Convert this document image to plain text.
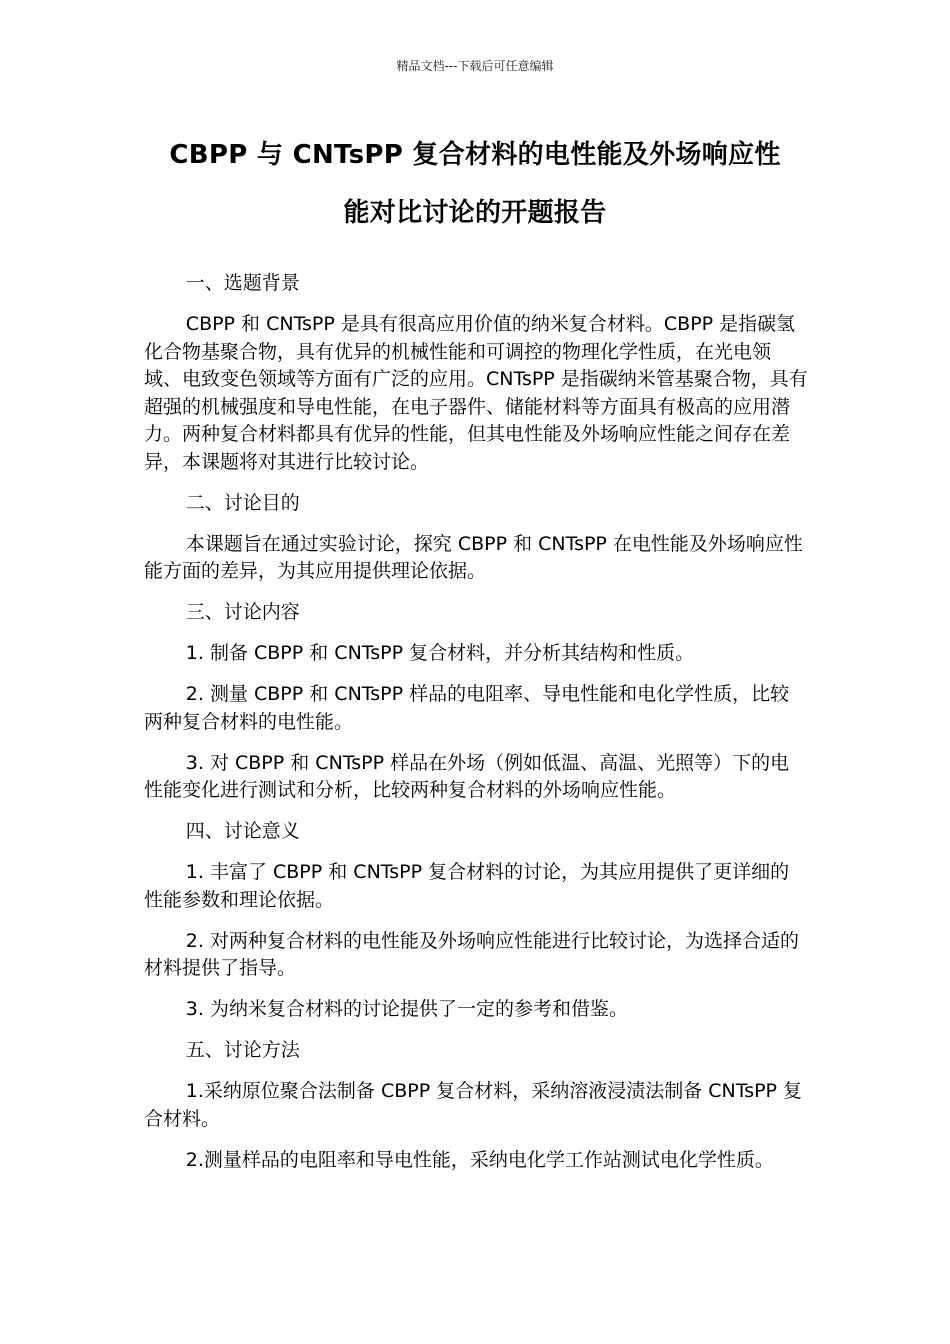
精品文档---下载后可任意编辑
CBPP 与 CNTsPP 复合材料的电性能及外场响应性
能对比讨论的开题报告

一、选题背景

CBPP 和 CNTsPP 是具有很高应用价值的纳米复合材料。CBPP 是指碳氢化合物基聚合物，具有优异的机械性能和可调控的物理化学性质，在光电领域、电致变色领域等方面有广泛的应用。CNTsPP 是指碳纳米管基聚合物，具有超强的机械强度和导电性能，在电子器件、储能材料等方面具有极高的应用潜力。两种复合材料都具有优异的性能，但其电性能及外场响应性能之间存在差异，本课题将对其进行比较讨论。

二、讨论目的

本课题旨在通过实验讨论，探究 CBPP 和 CNTsPP 在电性能及外场响应性能方面的差异，为其应用提供理论依据。

三、讨论内容

1. 制备 CBPP 和 CNTsPP 复合材料，并分析其结构和性质。

2. 测量 CBPP 和 CNTsPP 样品的电阻率、导电性能和电化学性质，比较两种复合材料的电性能。

3. 对 CBPP 和 CNTsPP 样品在外场（例如低温、高温、光照等）下的电性能变化进行测试和分析，比较两种复合材料的外场响应性能。

四、讨论意义

1. 丰富了 CBPP 和 CNTsPP 复合材料的讨论，为其应用提供了更详细的性能参数和理论依据。

2. 对两种复合材料的电性能及外场响应性能进行比较讨论，为选择合适的材料提供了指导。

3. 为纳米复合材料的讨论提供了一定的参考和借鉴。

五、讨论方法

1.采纳原位聚合法制备 CBPP 复合材料，采纳溶液浸渍法制备 CNTsPP 复合材料。

2.测量样品的电阻率和导电性能，采纳电化学工作站测试电化学性质。
